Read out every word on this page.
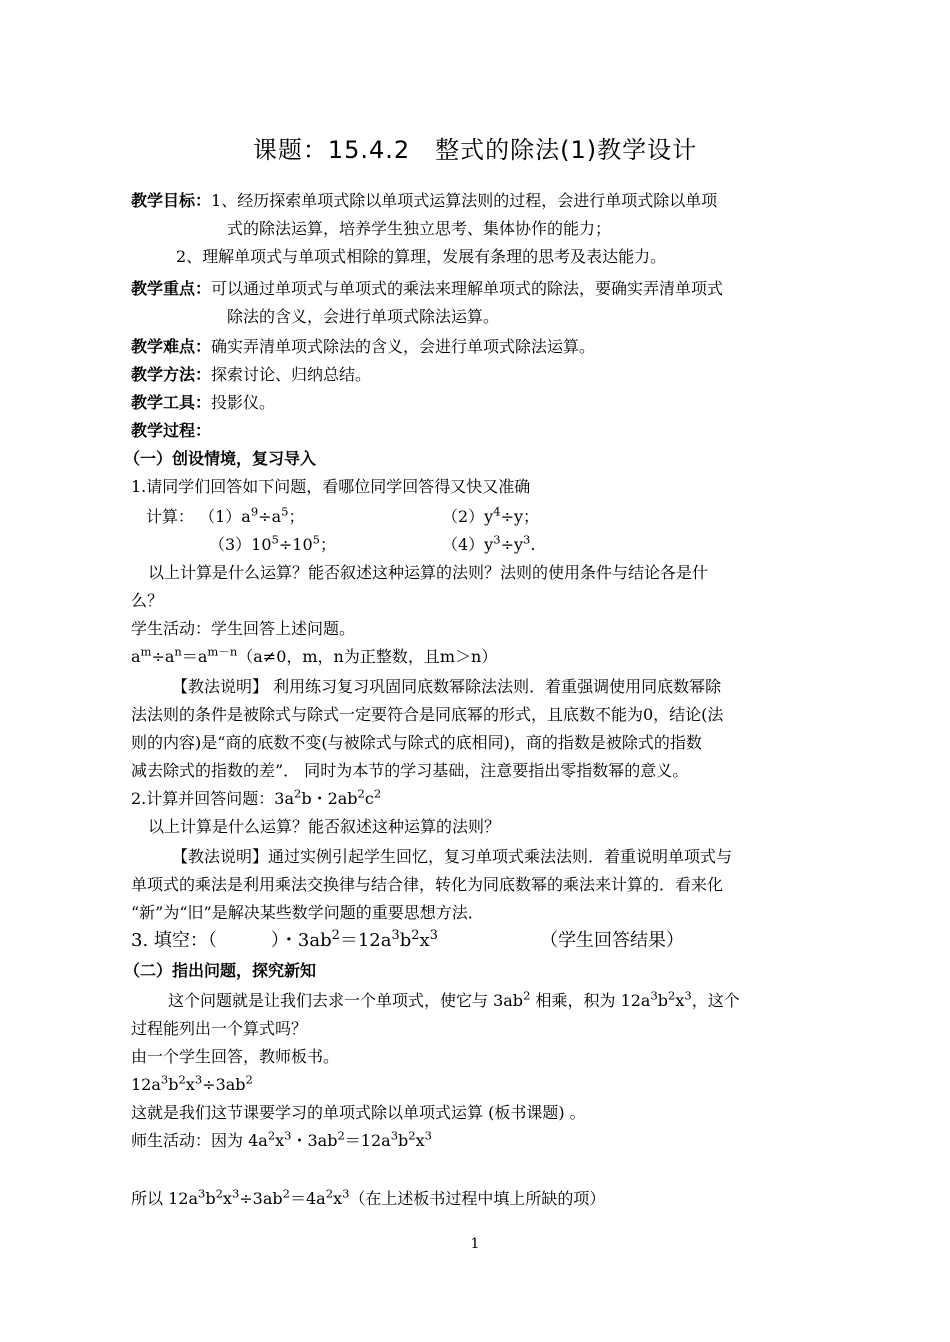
课题：15.4.2　整式的除法(1)教学设计
教学目标：1、经历探索单项式除以单项式运算法则的过程，会进行单项式除以单项
式的除法运算，培养学生独立思考、集体协作的能力；
2、理解单项式与单项式相除的算理，发展有条理的思考及表达能力。
教学重点：可以通过单项式与单项式的乘法来理解单项式的除法，要确实弄清单项式
除法的含义，会进行单项式除法运算。
教学难点：确实弄清单项式除法的含义，会进行单项式除法运算。
教学方法：探索讨论、归纳总结。
教学工具：投影仪。
教学过程：
（一）创设情境，复习导入
1.请同学们回答如下问题，看哪位同学回答得又快又准确
计算： $(1)a^9\div a^5$；	$(2)y^4\div y$；
$(3)10^5\div 10^5$；	$(4)y^3\div y^3$.
以上计算是什么运算？能否叙述这种运算的法则？法则的使用条件与结论各是什
么？
学生活动：学生回答上述问题。
$a^m\div a^n=a^{m-n}(a\ne 0$，m，n为正整数，且m＞n）
【教法说明】 利用练习复习巩固同底数幂除法法则．着重强调使用同底数幂除
法法则的条件是被除式与除式一定要符合是同底幂的形式，且底数不能为0，结论(法
则的内容)是“商的底数不变(与被除式与除式的底相同)，商的指数是被除式的指数
减去除式的指数的差”． 同时为本节的学习基础，注意要指出零指数幂的意义。
2.计算并回答问题：$3a^2b$・$2ab^2c^2$
以上计算是什么运算？能否叙述这种运算的法则？
【教法说明】通过实例引起学生回忆，复习单项式乘法法则．着重说明单项式与
单项式的乘法是利用乘法交换律与结合律，转化为同底数幂的乘法来计算的．看来化
“新”为“旧”是解决某些数学问题的重要思想方法．
3. 填空：（　　　）・$3ab^2=12a^3b^2x^3$	（学生回答结果）
（二）指出问题，探究新知
这个问题就是让我们去求一个单项式，使它与 $3ab^2$ 相乘，积为 $12a^3b^2x^3$，这个
过程能列出一个算式吗？
由一个学生回答，教师板书。
$12a^3b^2x^3\div 3ab^2$
这就是我们这节课要学习的单项式除以单项式运算 (板书课题) 。
师生活动：因为 $4a^2x^3$・$3ab^2=12a^3b^2x^3$
所以 $12a^3b^2x^3\div 3ab^2=4a^2x^3$（在上述板书过程中填上所缺的项）
1
